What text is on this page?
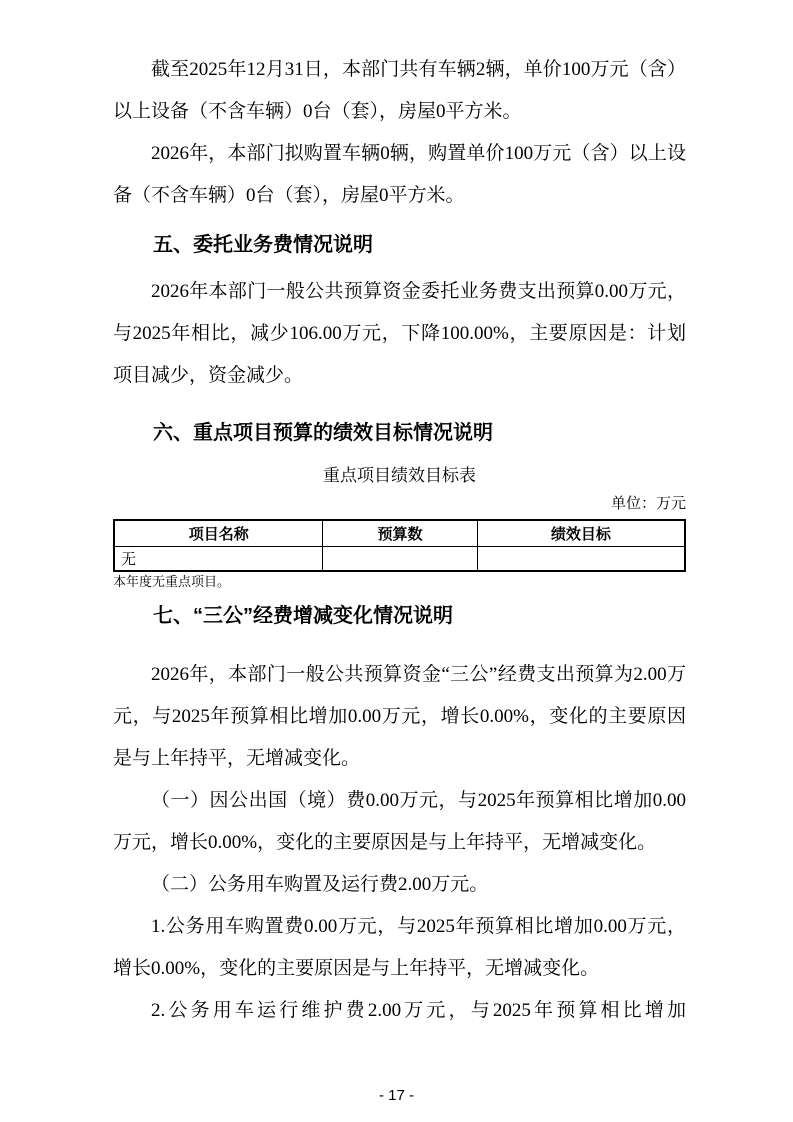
截至2025年12月31日，本部门共有车辆2辆，单价100万元（含）以上设备（不含车辆）0台（套），房屋0平方米。

2026年，本部门拟购置车辆0辆，购置单价100万元（含）以上设备（不含车辆）0台（套），房屋0平方米。

五、委托业务费情况说明

2026年本部门一般公共预算资金委托业务费支出预算0.00万元，与2025年相比，减少106.00万元，下降100.00%，主要原因是：计划项目减少，资金减少。

六、重点项目预算的绩效目标情况说明

重点项目绩效目标表

单位：万元

项目名称	预算数	绩效目标
无		

本年度无重点项目。

七、“三公”经费增减变化情况说明

2026年，本部门一般公共预算资金“三公”经费支出预算为2.00万元，与2025年预算相比增加0.00万元，增长0.00%，变化的主要原因是与上年持平，无增减变化。

（一）因公出国（境）费0.00万元，与2025年预算相比增加0.00万元，增长0.00%，变化的主要原因是与上年持平，无增减变化。

（二）公务用车购置及运行费2.00万元。

1.公务用车购置费0.00万元，与2025年预算相比增加0.00万元，增长0.00%，变化的主要原因是与上年持平，无增减变化。

2.公务用车运行维护费2.00万元，与2025年预算相比增加

- 17 -
